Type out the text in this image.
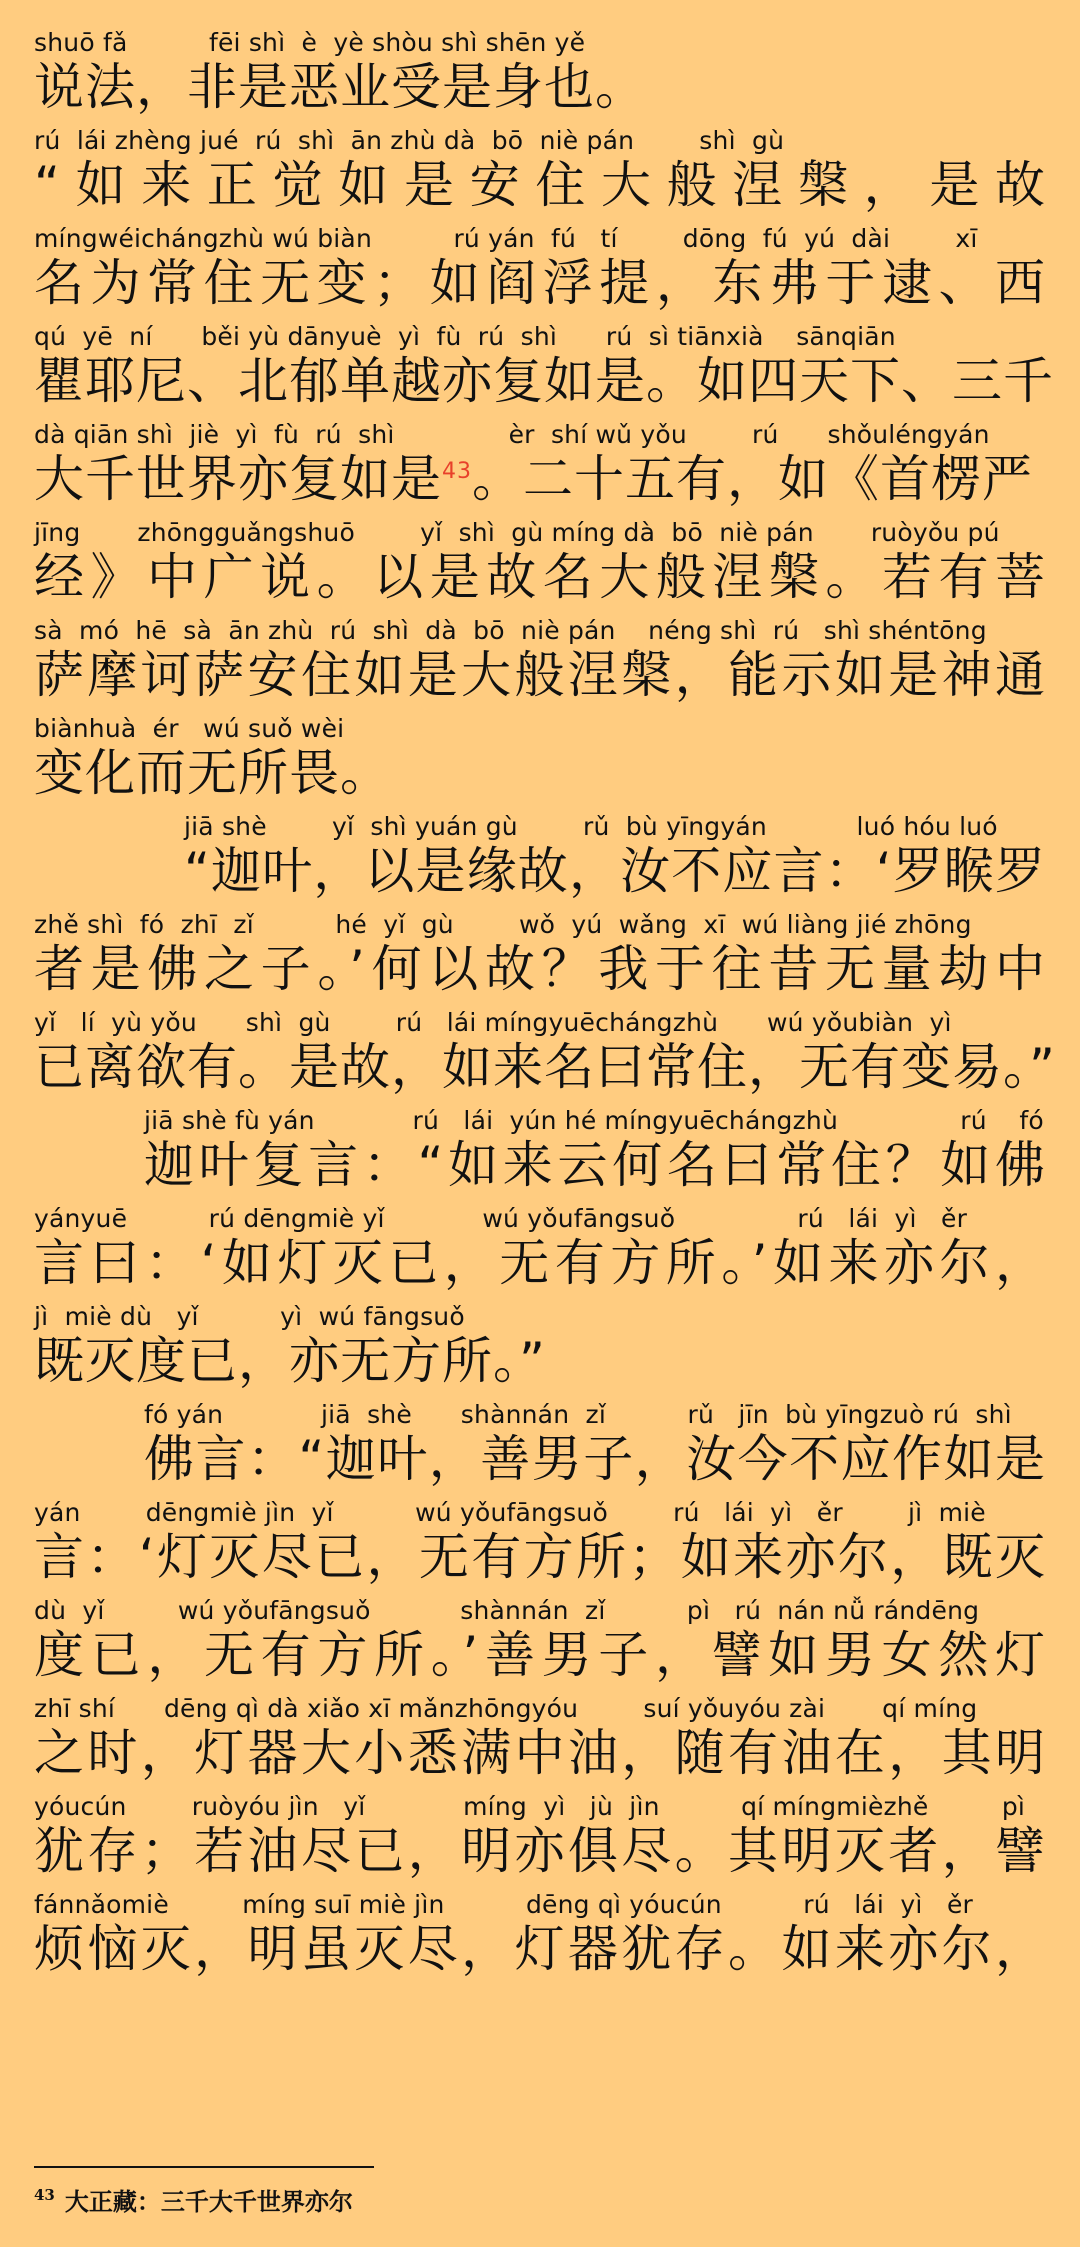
shuō fǎ          fēi shì  è  yè shòu shì shēn yě
说法，非是恶业受是身也。
rú  lái zhèng jué  rú  shì  ān zhù dà  bō  niè pán        shì  gù
“如来正觉如是安住大般涅槃，是故
míngwéichángzhù wú biàn          rú yán  fú   tí        dōng  fú  yú  dài        xī
名为常住无变；如阎浮提，东弗于逮、西
qú  yē  ní      běi yù dānyuè  yì  fù  rú  shì      rú  sì tiānxià    sānqiān
瞿耶尼、北郁单越亦复如是。如四天下、三千
dà qiān shì  jiè  yì  fù  rú  shì              èr  shí wǔ yǒu        rú      shǒuléngyán
大千世界亦复如是$^{43}$。二十五有，如《首楞严
jīng       zhōngguǎngshuō        yǐ  shì  gù míng dà  bō  niè pán       ruòyǒu pú
经》中广说。以是故名大般涅槃。若有菩
sà  mó  hē  sà  ān zhù  rú  shì  dà  bō  niè pán    néng shì  rú   shì shéntōng
萨摩诃萨安住如是大般涅槃，能示如是神通
biànhuà  ér   wú suǒ wèi
变化而无所畏。
jiā shè        yǐ  shì yuán gù        rǔ  bù yīngyán           luó hóu luó
“迦叶，以是缘故，汝不应言：‘罗睺罗
zhě shì  fó  zhī  zǐ          hé  yǐ  gù        wǒ  yú  wǎng  xī  wú liàng jié zhōng
者是佛之子。’何以故？我于往昔无量劫中
yǐ   lí  yù yǒu      shì  gù        rú   lái míngyuēchángzhù      wú yǒubiàn  yì
已离欲有。是故，如来名曰常住，无有变易。”
jiā shè fù yán            rú   lái  yún hé míngyuēchángzhù               rú    fó
迦叶复言：“如来云何名曰常住？如佛
yányuē          rú dēngmiè yǐ            wú yǒufāngsuǒ               rú   lái  yì   ěr
言曰：‘如灯灭已，无有方所。’如来亦尔，
jì  miè dù   yǐ          yì  wú fāngsuǒ
既灭度已，亦无方所。”
fó yán            jiā  shè      shànnán  zǐ          rǔ   jīn  bù yīngzuò rú  shì
佛言：“迦叶，善男子，汝今不应作如是
yán        dēngmiè jìn  yǐ          wú yǒufāngsuǒ        rú   lái  yì   ěr        jì  miè
言：‘灯灭尽已，无有方所；如来亦尔，既灭
dù  yǐ         wú yǒufāngsuǒ           shànnán  zǐ          pì   rú  nán nǚ rándēng
度已，无有方所。’善男子，譬如男女然灯
zhī shí      dēng qì dà xiǎo xī mǎnzhōngyóu        suí yǒuyóu zài       qí míng
之时，灯器大小悉满中油，随有油在，其明
yóucún        ruòyóu jìn   yǐ            míng  yì   jù  jìn          qí míngmièzhě         pì
犹存；若油尽已，明亦俱尽。其明灭者，譬
fánnǎomiè         míng suī miè jìn          dēng qì yóucún          rú   lái  yì   ěr
烦恼灭，明虽灭尽，灯器犹存。如来亦尔，
$^{43}$ 大正藏：三千大千世界亦尔
